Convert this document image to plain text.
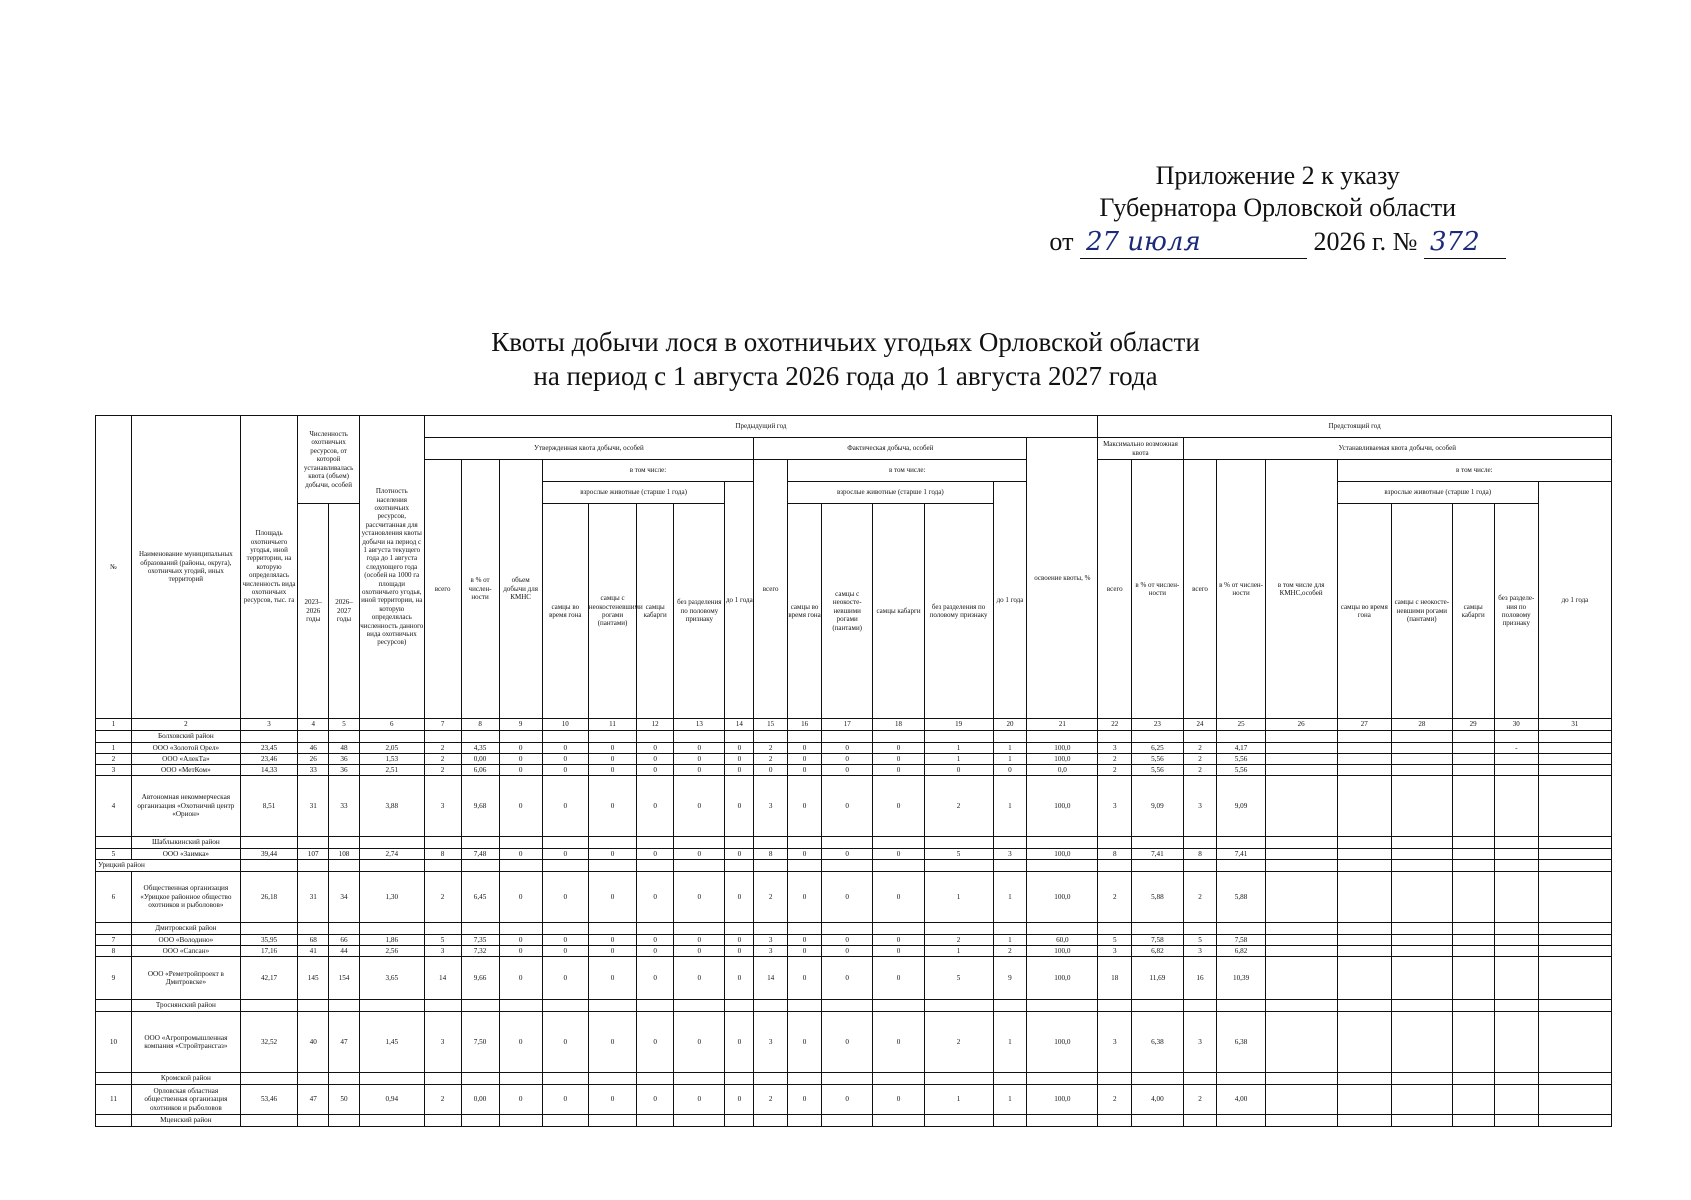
Приложение 2 к указу
Губернатора Орловской области
от 27 июля	2026 г. № 372
Квоты добычи лося в охотничьих угодьях Орловской области
на период с 1 августа 2026 года до 1 августа 2027 года
№	Наименование муниципальных образований (районы, округа), охотничьих угодий, иных территорий	Площадь охотничьего угодья, иной территории, на которую определялась численность вида охотничьих ресурсов, тыс. га	Численность охотничьих ресурсов, от которой устанавливалась квота (объем) добычи, особей		Плотность населения охотничьих ресурсов, рассчитанная для установления квоты добычи на период с 1 августа текущего года до 1 августа следующего года (особей на 1000 га площади охотничьего угодья, иной территории, на которую определялась численность данного вида охотничьих ресурсов)	Предыдущий год															Предстоящий год									
						Утвержденная квота добычи, особей								Фактическая добыча, особей						освоение квоты, %	Максимально возможная квота		Устанавливаемая квота добычи, особей							
						всего	в % от числен-ности	объем добычи для КМНС	в том числе:					всего	в том числе:						всего	в % от числен-ности	всего	в % от числен-ности	в том числе для КМНС,особей	в том числе:				
									взрослые животные (старше 1 года)				до 1 года		взрослые животные (старше 1 года)				до 1 года							взрослые животные (старше 1 года)				до 1 года
			2023–2026 годы	2026–2027 годы					самцы во время гона	самцы с неокостеневшими рогами (пантами)	самцы кабарги	без разделения по половому признаку			самцы во время гона	самцы с неокосте-невшими рогами (пантами)	самцы кабарги	без разделения по половому признаку								самцы во время гона	самцы с неокосте-невшими рогами (пантами)	самцы кабарги	без разделе-ния по половому признаку	
1	2	3	4	5	6	7	8	9	10	11	12	13	14	15	16	17	18	19	20	21	22	23	24	25	26	27	28	29	30	31
	Болховский район																													
1	ООО «Золотой Орел»	23,45	46	48	2,05	2	4,35	0	0	0	0	0	0	2	0	0	0	1	1	100,0	3	6,25	2	4,17					-	
2	ООО «АлекТа»	23,46	26	36	1,53	2	0,00	0	0	0	0	0	0	2	0	0	0	1	1	100,0	2	5,56	2	5,56						
3	ООО «МетКом»	14,33	33	36	2,51	2	6,06	0	0	0	0	0	0	0	0	0	0	0	0	0,0	2	5,56	2	5,56						
4	Автономная некоммерческая организация «Охотничий центр «Орион»	8,51	31	33	3,88	3	9,68	0	0	0	0	0	0	3	0	0	0	2	1	100,0	3	9,09	3	9,09						
	Шаблыкинский район																													
5	ООО «Заимка»	39,44	107	108	2,74	8	7,48	0	0	0	0	0	0	8	0	0	0	5	3	100,0	8	7,41	8	7,41						
Урицкий район																														
6	Общественная организация «Урицкое районное общество охотников и рыболовов»	26,18	31	34	1,30	2	6,45	0	0	0	0	0	0	2	0	0	0	1	1	100,0	2	5,88	2	5,88						
	Дмитровский район																													
7	ООО «Володино»	35,95	68	66	1,86	5	7,35	0	0	0	0	0	0	3	0	0	0	2	1	60,0	5	7,58	5	7,58						
8	ООО «Сапсан»	17,16	41	44	2,56	3	7,32	0	0	0	0	0	0	3	0	0	0	1	2	100,0	3	6,82	3	6,82						
9	ООО «Реметройпроект в Дмитровске»	42,17	145	154	3,65	14	9,66	0	0	0	0	0	0	14	0	0	0	5	9	100,0	18	11,69	16	10,39						
	Троснянский район																													
10	ООО «Агропромышленная компания «Стройтрансгаз»	32,52	40	47	1,45	3	7,50	0	0	0	0	0	0	3	0	0	0	2	1	100,0	3	6,38	3	6,38						
	Кромской район																													
11	Орловская областная общественная организация охотников и рыболовов	53,46	47	50	0,94	2	0,00	0	0	0	0	0	0	2	0	0	0	1	1	100,0	2	4,00	2	4,00						
	Мценский район																													
